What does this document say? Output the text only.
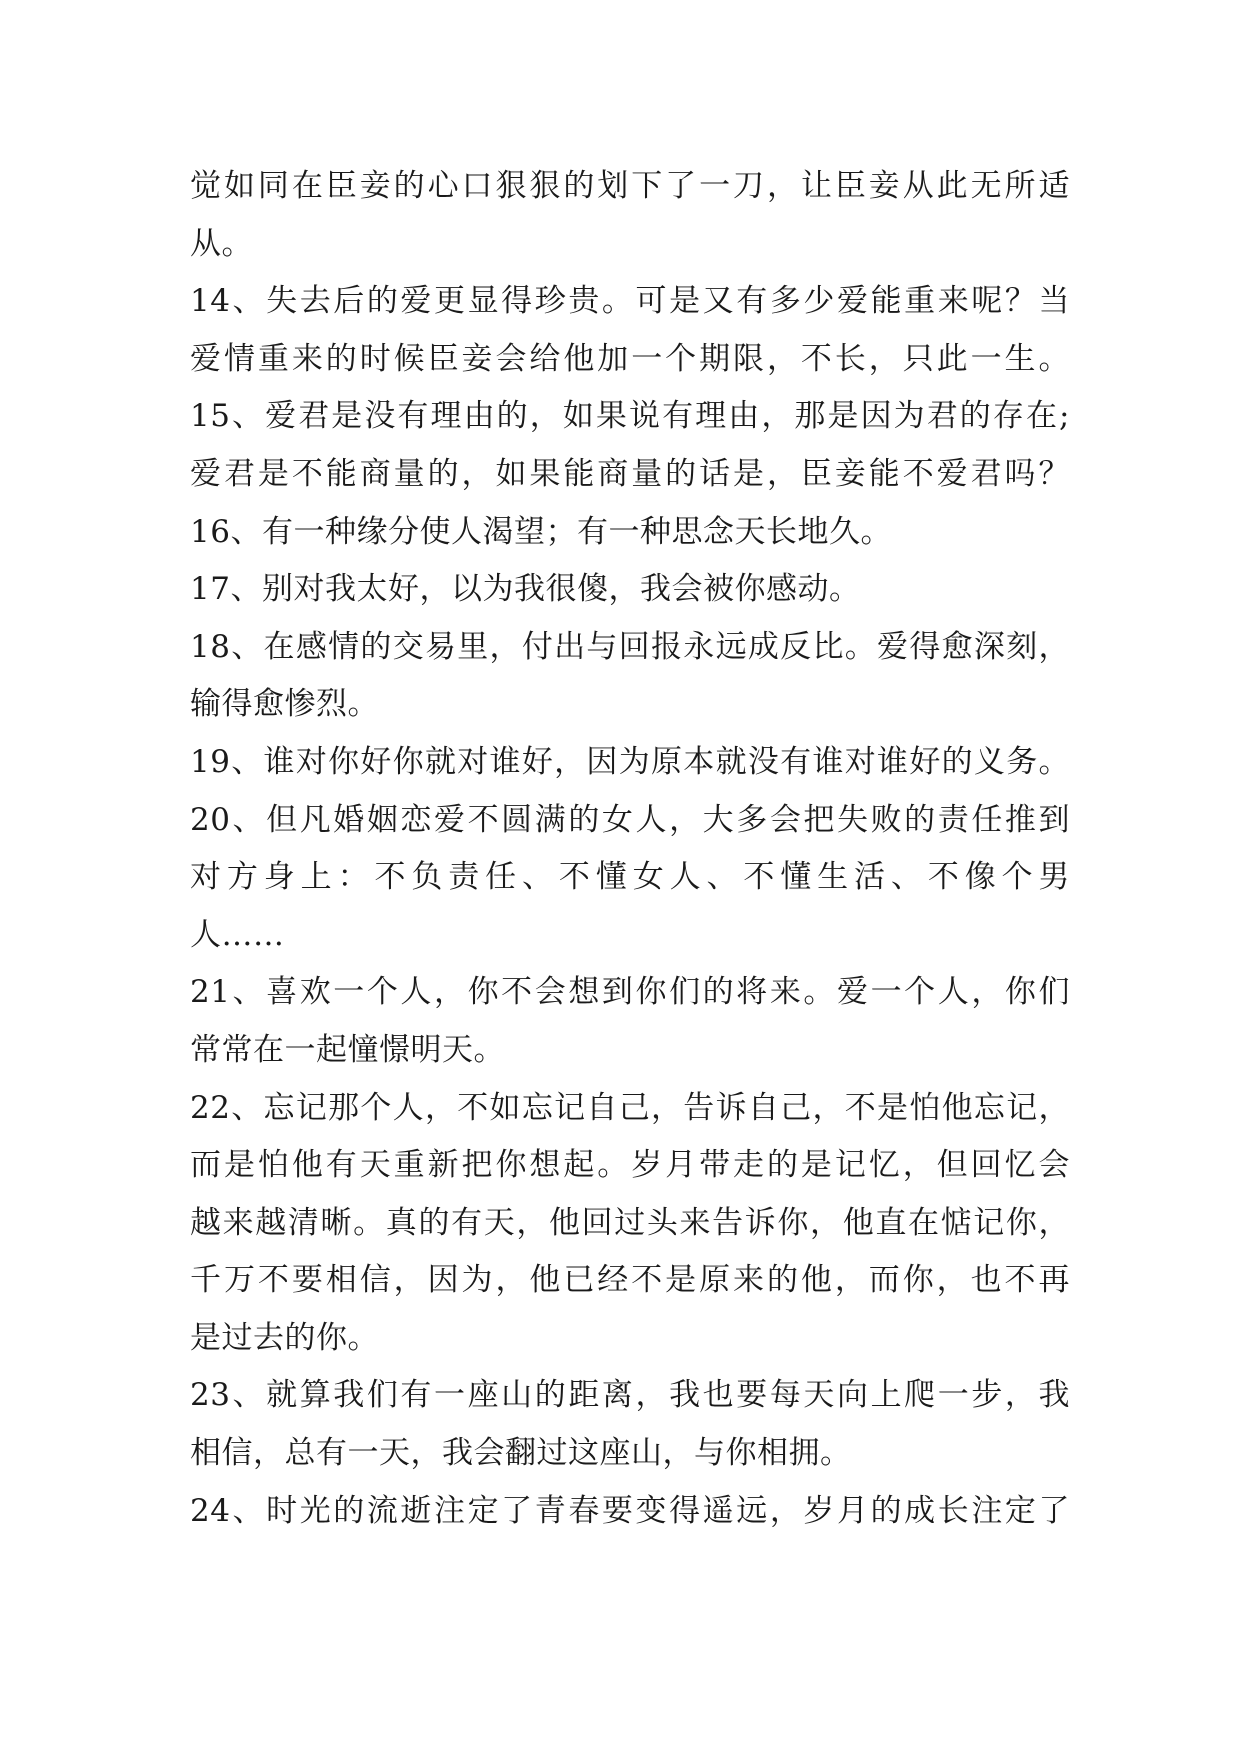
觉如同在臣妾的心口狠狠的划下了一刀，让臣妾从此无所适
从。
14、失去后的爱更显得珍贵。可是又有多少爱能重来呢？当
爱情重来的时候臣妾会给他加一个期限，不长，只此一生。
15、爱君是没有理由的，如果说有理由，那是因为君的存在;
爱君是不能商量的，如果能商量的话是，臣妾能不爱君吗？
16、有一种缘分使人渴望；有一种思念天长地久。
17、别对我太好，以为我很傻，我会被你感动。
18、在感情的交易里，付出与回报永远成反比。爱得愈深刻，
输得愈惨烈。
19、谁对你好你就对谁好，因为原本就没有谁对谁好的义务。
20、但凡婚姻恋爱不圆满的女人，大多会把失败的责任推到
对方身上：不负责任、不懂女人、不懂生活、不像个男
人……
21、喜欢一个人，你不会想到你们的将来。爱一个人，你们
常常在一起憧憬明天。
22、忘记那个人，不如忘记自己，告诉自己，不是怕他忘记，
而是怕他有天重新把你想起。岁月带走的是记忆，但回忆会
越来越清晰。真的有天，他回过头来告诉你，他直在惦记你，
千万不要相信，因为，他已经不是原来的他，而你，也不再
是过去的你。
23、就算我们有一座山的距离，我也要每天向上爬一步，我
相信，总有一天，我会翻过这座山，与你相拥。
24、时光的流逝注定了青春要变得遥远，岁月的成长注定了
